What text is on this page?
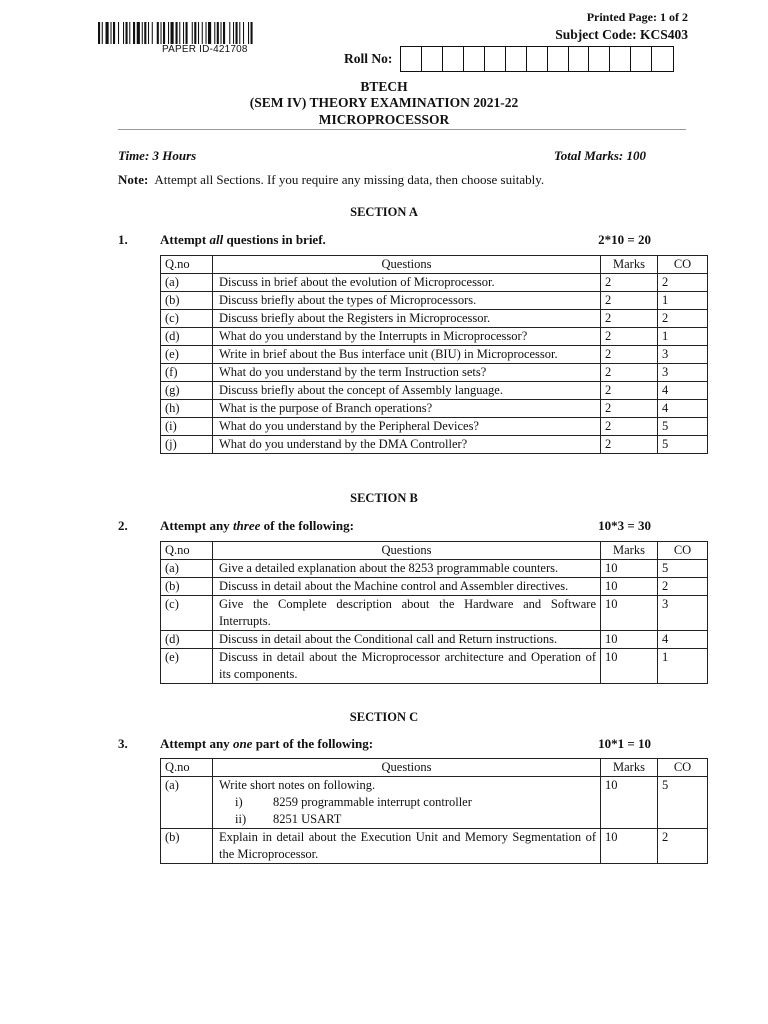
PAPER ID-421708
Printed Page: 1 of 2
Subject Code: KCS403
Roll No:
BTECH
(SEM IV) THEORY EXAMINATION 2021-22
MICROPROCESSOR
Time: 3 Hours	Total Marks: 100
Note: Attempt all Sections. If you require any missing data, then choose suitably.
SECTION A
1. Attempt all questions in brief.	2*10 = 20
Q.no	Questions	Marks	CO
(a)	Discuss in brief about the evolution of Microprocessor.	2	2
(b)	Discuss briefly about the types of Microprocessors.	2	1
(c)	Discuss briefly about the Registers in Microprocessor.	2	2
(d)	What do you understand by the Interrupts in Microprocessor?	2	1
(e)	Write in brief about the Bus interface unit (BIU) in Microprocessor.	2	3
(f)	What do you understand by the term Instruction sets?	2	3
(g)	Discuss briefly about the concept of Assembly language.	2	4
(h)	What is the purpose of Branch operations?	2	4
(i)	What do you understand by the Peripheral Devices?	2	5
(j)	What do you understand by the DMA Controller?	2	5
SECTION B
2. Attempt any three of the following:	10*3 = 30
Q.no	Questions	Marks	CO
(a)	Give a detailed explanation about the 8253 programmable counters.	10	5
(b)	Discuss in detail about the Machine control and Assembler directives.	10	2
(c)	Give the Complete description about the Hardware and Software Interrupts.	10	3
(d)	Discuss in detail about the Conditional call and Return instructions.	10	4
(e)	Discuss in detail about the Microprocessor architecture and Operation of its components.	10	1
SECTION C
3. Attempt any one part of the following:	10*1 = 10
Q.no	Questions	Marks	CO
(a)	Write short notes on following.
i) 8259 programmable interrupt controller
ii) 8251 USART	10	5
(b)	Explain in detail about the Execution Unit and Memory Segmentation of the Microprocessor.	10	2
